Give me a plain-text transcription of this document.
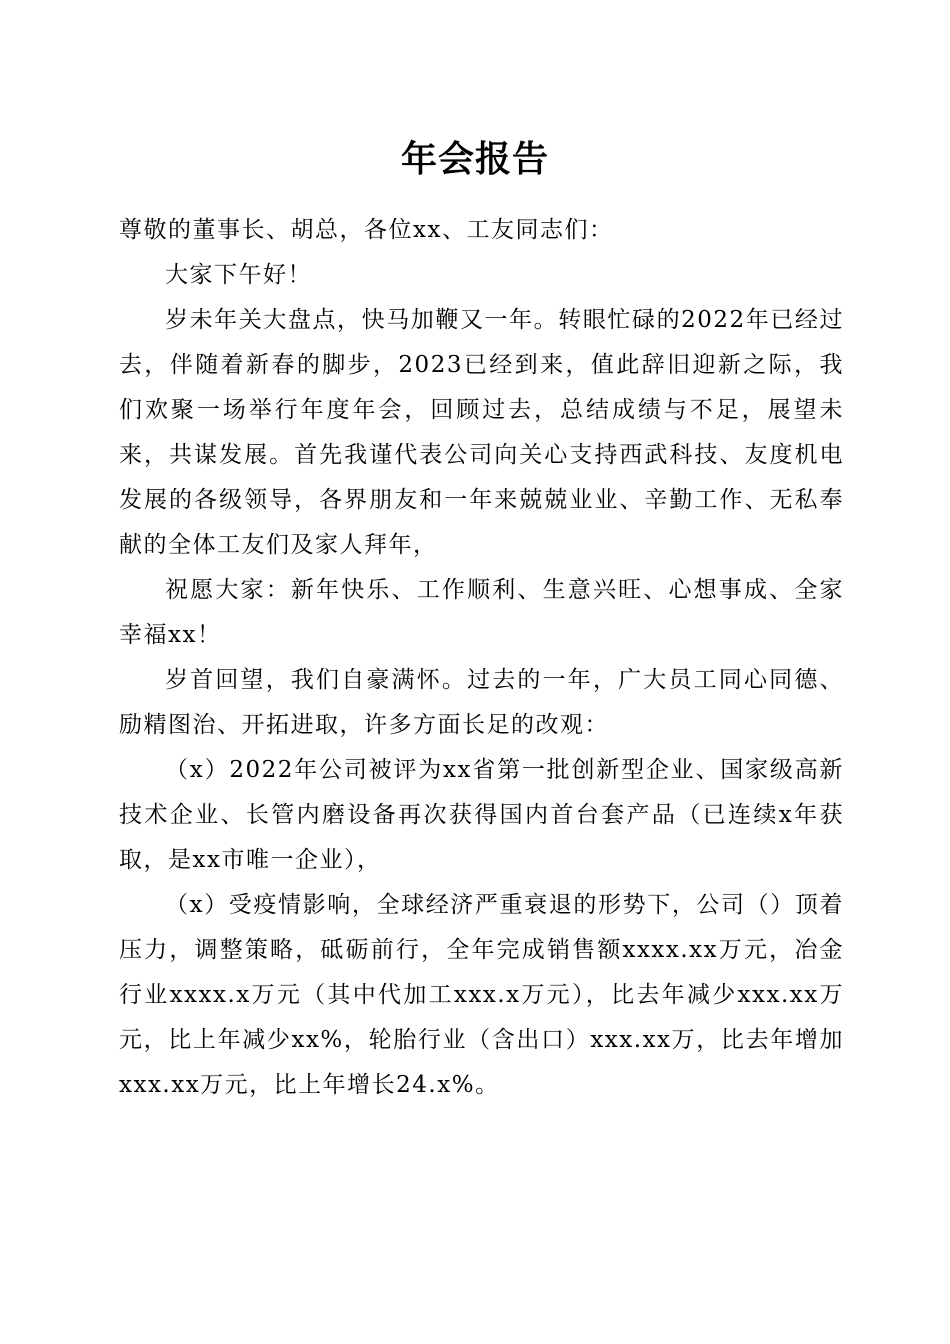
年会报告

尊敬的董事长、胡总，各位xx、工友同志们：

大家下午好！

岁未年关大盘点，快马加鞭又一年。转眼忙碌的2022年已经过去，伴随着新春的脚步，2023已经到来，值此辞旧迎新之际，我们欢聚一场举行年度年会，回顾过去，总结成绩与不足，展望未来，共谋发展。首先我谨代表公司向关心支持西武科技、友度机电发展的各级领导，各界朋友和一年来兢兢业业、辛勤工作、无私奉献的全体工友们及家人拜年，

祝愿大家：新年快乐、工作顺利、生意兴旺、心想事成、全家幸福xx！

岁首回望，我们自豪满怀。过去的一年，广大员工同心同德、励精图治、开拓进取，许多方面长足的改观：

（x）2022年公司被评为xx省第一批创新型企业、国家级高新技术企业、长管内磨设备再次获得国内首台套产品（已连续x年获取，是xx市唯一企业），

（x）受疫情影响，全球经济严重衰退的形势下，公司（）顶着压力，调整策略，砥砺前行，全年完成销售额xxxx.xx万元，冶金行业xxxx.x万元（其中代加工xxx.x万元），比去年减少xxx.xx万元，比上年减少xx%，轮胎行业（含出口）xxx.xx万，比去年增加xxx.xx万元，比上年增长24.x%。
